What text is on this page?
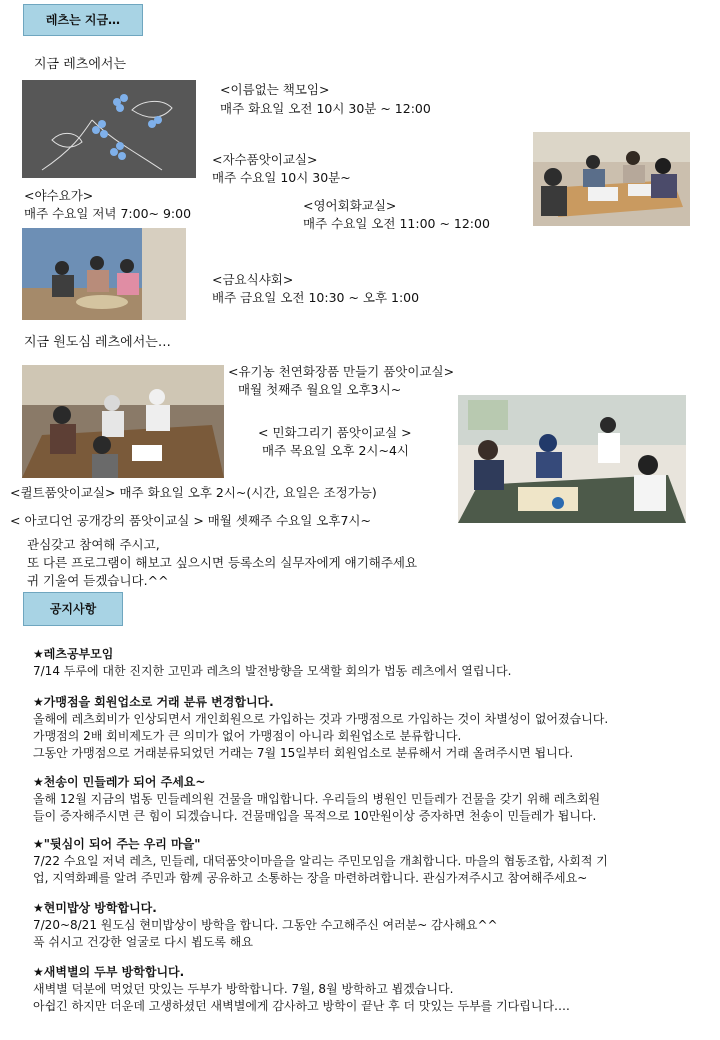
레츠는 지금…
지금 레츠에서는
<이름없는 책모임>
매주 화요일 오전 10시 30분 ~ 12:00
<자수품앗이교실>
매주 수요일 10시 30분~
<야수요가>
매주 수요일 저녁 7:00~ 9:00
<영어회화교실>
매주 수요일 오전 11:00 ~ 12:00
<금요식샤회>
배주 금요일 오전 10:30 ~ 오후 1:00
지금 원도심 레츠에서는…
<유기농 천연화장품 만들기 품앗이교실>
매월 첫째주 월요일 오후3시~
< 민화그리기 품앗이교실 >
매주 목요일 오후 2시~4시
<퀼트품앗이교실> 매주 화요일 오후 2시~(시간, 요일은 조정가능)
< 아코디언 공개강의 품앗이교실 > 매월 셋째주 수요일 오후7시~
관심갖고 참여해 주시고,
또 다른 프로그램이 해보고 싶으시면 등록소의 실무자에게 얘기해주세요
귀 기울여 듣겠습니다.^^
공지사항
★레츠공부모임
7/14 두루에 대한 진지한 고민과 레츠의 발전방향을 모색할 회의가 법동 레츠에서 열립니다.
★가맹점을 회원업소로 거래 분류 변경합니다.
올해에 레츠회비가 인상되면서 개인회원으로 가입하는 것과 가맹점으로 가입하는 것이 차별성이 없어졌습니다.
가맹점의 2배 회비제도가 큰 의미가 없어 가맹점이 아니라 회원업소로 분류합니다.
그동안 가맹점으로 거래분류되었던 거래는 7월 15일부터 회원업소로 분류해서 거래 올려주시면 됩니다.
★천송이 민들레가 되어 주세요~
올해 12월 지금의 법동 민들레의원 건물을 매입합니다. 우리들의 병원인 민들레가 건물을 갖기 위해 레츠회원
들이 증자해주시면 큰 힘이 되겠습니다. 건물매입을 목적으로 10만원이상 증자하면 천송이 민들레가 됩니다.
★"뒷심이 되어 주는 우리 마을"
7/22 수요일 저녁 레츠, 민들레, 대덕품앗이마을을 알리는 주민모임을 개최합니다. 마을의 협동조합, 사회적 기
업, 지역화폐를 알려 주민과 함께 공유하고 소통하는 장을 마련하려합니다. 관심가져주시고 참여해주세요~
★현미밥상 방학합니다.
7/20~8/21 원도심 현미밥상이 방학을 합니다. 그동안 수고해주신 여러분~ 감사해요^^
푹 쉬시고 건강한 얼굴로 다시 뵙도록 해요
★새벽별의 두부 방학합니다.
새벽별 덕분에 먹었던 맛있는 두부가 방학합니다. 7월, 8월 방학하고 뵙겠습니다.
아쉽긴 하지만 더운데 고생하셨던 새벽별에게 감사하고 방학이 끝난 후 더 맛있는 두부를 기다립니다….
